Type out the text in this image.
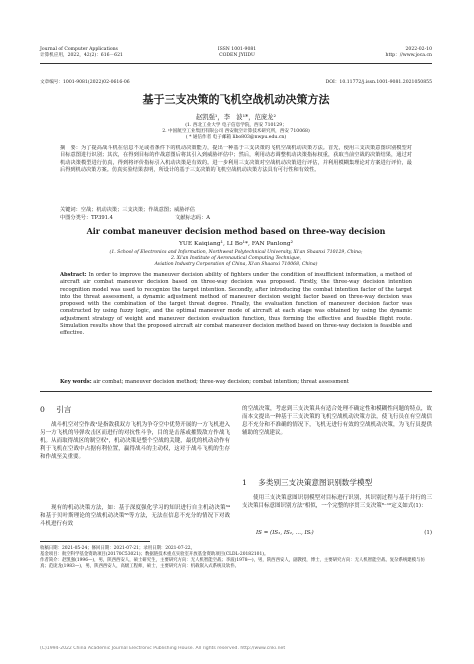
Journal of Computer Applications
计算机应用，2022，42(2)：616－621
ISSN 1001-9081
CODEN JYIIDU
2022-02-10
http：//www.joca.cn
文章编号：1001-9081(2022)02-0616-06	DOI：10.11772/j.issn.1001-9081.2021050855
基于三支决策的飞机空战机动决策方法
赵凯强¹，李　波¹*，范庞龙²
(1. 西北工业大学 电子信息学院，西安 710129；
2. 中国航空工业集团有限公司 西安航空计算技术研究所，西安 710068)
( * 通信作者 电子邮箱 libo803@nwpu.edu.cn)
摘　要：为了提高战斗机在信息不足或者条件下的机动决策能力，提出一种基于三支决策的飞机空战机动决策方法。首先，使用三支决策意图识别模型对目标意图进行识别；其次，在得到目标的作战意图后将其引入到威胁评估中；然后，利用动态调整机动决策指标权重，获取当前空战的决策结果，通过对机动决策模型进行仿真，得到将评价指标引入机动决策是有效的。进一步利用三支决策对空战机动决策进行评估，并利用模糊集理论对方案进行评价，最后得到机动决策方案。仿真实验结果表明，所设计的基于三支决策的飞机空战机动决策方法具有可行性和有效性。
关键词：空战；机动决策；三支决策；作战意图；威胁评估
中图分类号：TP391.4	文献标志码：A
Air combat maneuver decision method based on three-way decision
YUE Kaiqiang¹, LI Bo¹*, FAN Panlong²
(1. School of Electronics and Information, Northwest Polytechnical University, Xi'an Shaanxi 710129, China;
2. Xi'an Institute of Aeronautical Computing Technique,
Aviation Industry Corporation of China, Xi'an Shaanxi 710068, China)
Abstract: In order to improve the maneuver decision ability of fighters under the condition of insufficient information, a method of aircraft air combat maneuver decision based on three-way decision was proposed. Firstly, the three-way decision intention recognition model was used to recognize the target intention. Secondly, after introducing the combat intention factor of the target into the threat assessment, a dynamic adjustment method of maneuver decision weight factor based on three-way decision was proposed with the combination of the target threat degree. Finally, the evaluation function of maneuver decision factor was constructed by using fuzzy logic, and the optimal maneuver mode of aircraft at each stage was obtained by using the dynamic adjustment strategy of weight and maneuver decision evaluation function, thus forming the effective and feasible flight route. Simulation results show that the proposed aircraft air combat maneuver decision method based on three-way decision is feasible and effective.
Key words: air combat; maneuver decision method; three-way decision; combat intention; threat assessment
0 引言
战斗机空对空作战¹是指敌我双方飞机为争夺空中优势开展的一方飞机进入另一方飞机的导弹攻击区而进行的对抗性斗争，目的是击落或摧毁敌方作战飞机。从而取得战区的制空权²，机动决策是整个空战的关键，最优的机动动作有利于飞机在空战中占据有利位置，赢得战斗的主动权，这对于战斗飞机的生存和作战至关重要。
现有的机动决策方法，如：基于深度强化学习的知识进行自主机动决策³⁴和基于贝叶斯理论的空战机动决策⁵⁶等方法，无法在信息不充分的情况下对战斗机进行有效
的空战决策，考虑到三支决策具有适合处理不确定性和模糊性问题的特点，故而本文提出一种基于三支决策的飞机空战机动决策方法，使飞行员在有空战信息不充分和不准确的情况下，飞机无进行有效的空战机动决策，为飞行员提供辅助的空战建议。
1 多类别三支决策意图识别数学模型
使用三支决策意图识别模型对目标进行识别，其识别过程与基于并行的三支决策目标意图识别方法⁷相似，一个完整的序贯三支决策⁸⁻¹⁰定义如式(1)：
IS = (IS₁, IS₂, …, ISᵢ)	(1)
收稿日期：2021-05-24；修回日期：2021-07-21；录用日期：2021-07-22。
基金项目：航空科学基金资助项目(20170C53021)；数据链技术重点实验室开放基金资助项目(CLDL-20182101)。
作者简介：赵凯强(1996—)，男，陕西西安人，硕士研究生，主要研究方向：无人机智能空战；李波(1978—)，男，陕西西安人，副教授，博士，主要研究方向：无人机智能空战、复杂系统建模与仿真；范庞龙(1983—)，男，陕西西安人，高级工程师，硕士，主要研究方向：机载嵌入式系统及软件。
(C)1994-2022 China Academic Journal Electronic Publishing House. All rights reserved. http://www.cnki.net
